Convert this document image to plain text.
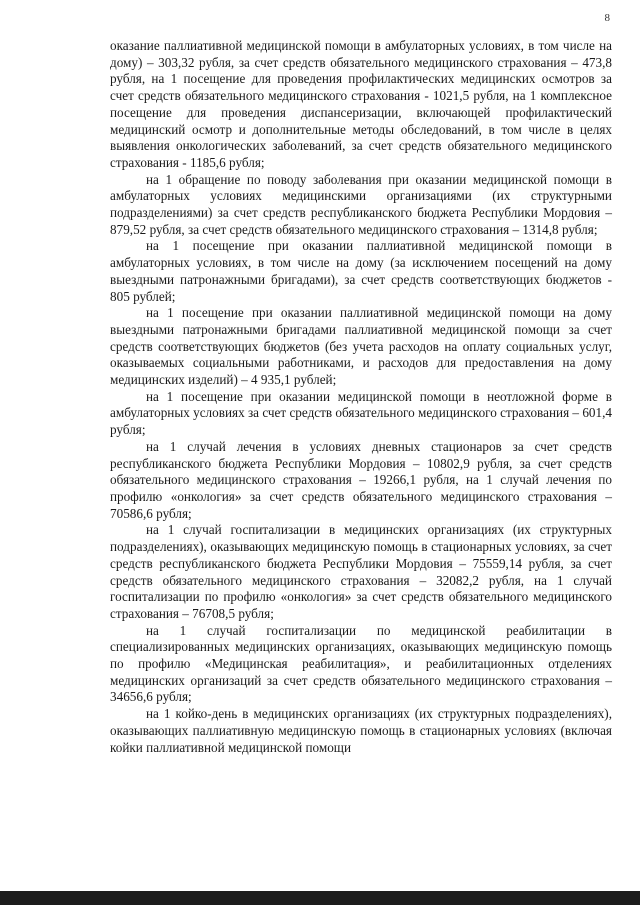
8

оказание паллиативной медицинской помощи в амбулаторных условиях, в том числе на дому) – 303,32 рубля, за счет средств обязательного медицинского страхования – 473,8 рубля, на 1 посещение для проведения профилактических медицинских осмотров за счет средств обязательного медицинского страхования - 1021,5 рубля, на 1 комплексное посещение для проведения диспансеризации, включающей профилактический медицинский осмотр и дополнительные методы обследований, в том числе в целях выявления онкологических заболеваний, за счет средств обязательного медицинского страхования - 1185,6 рубля;

на 1 обращение по поводу заболевания при оказании медицинской помощи в амбулаторных условиях медицинскими организациями (их структурными подразделениями) за счет средств республиканского бюджета Республики Мордовия – 879,52 рубля, за счет средств обязательного медицинского страхования – 1314,8 рубля;

на 1 посещение при оказании паллиативной медицинской помощи в амбулаторных условиях, в том числе на дому (за исключением посещений на дому выездными патронажными бригадами), за счет средств соответствующих бюджетов - 805 рублей;

на 1 посещение при оказании паллиативной медицинской помощи на дому выездными патронажными бригадами паллиативной медицинской помощи за счет средств соответствующих бюджетов (без учета расходов на оплату социальных услуг, оказываемых социальными работниками, и расходов для предоставления на дому медицинских изделий) – 4 935,1 рублей;

на 1 посещение при оказании медицинской помощи в неотложной форме в амбулаторных условиях за счет средств обязательного медицинского страхования – 601,4 рубля;

на 1 случай лечения в условиях дневных стационаров за счет средств республиканского бюджета Республики Мордовия – 10802,9 рубля, за счет средств обязательного медицинского страхования – 19266,1 рубля, на 1 случай лечения по профилю «онкология» за счет средств обязательного медицинского страхования – 70586,6 рубля;

на 1 случай госпитализации в медицинских организациях (их структурных подразделениях), оказывающих медицинскую помощь в стационарных условиях, за счет средств республиканского бюджета Республики Мордовия – 75559,14 рубля, за счет средств обязательного медицинского страхования – 32082,2 рубля, на 1 случай госпитализации по профилю «онкология» за счет средств обязательного медицинского страхования – 76708,5 рубля;

на 1 случай госпитализации по медицинской реабилитации в специализированных медицинских организациях, оказывающих медицинскую помощь по профилю «Медицинская реабилитация», и реабилитационных отделениях медицинских организаций за счет средств обязательного медицинского страхования – 34656,6 рубля;

на 1 койко-день в медицинских организациях (их структурных подразделениях), оказывающих паллиативную медицинскую помощь в стационарных условиях (включая койки паллиативной медицинской помощи
